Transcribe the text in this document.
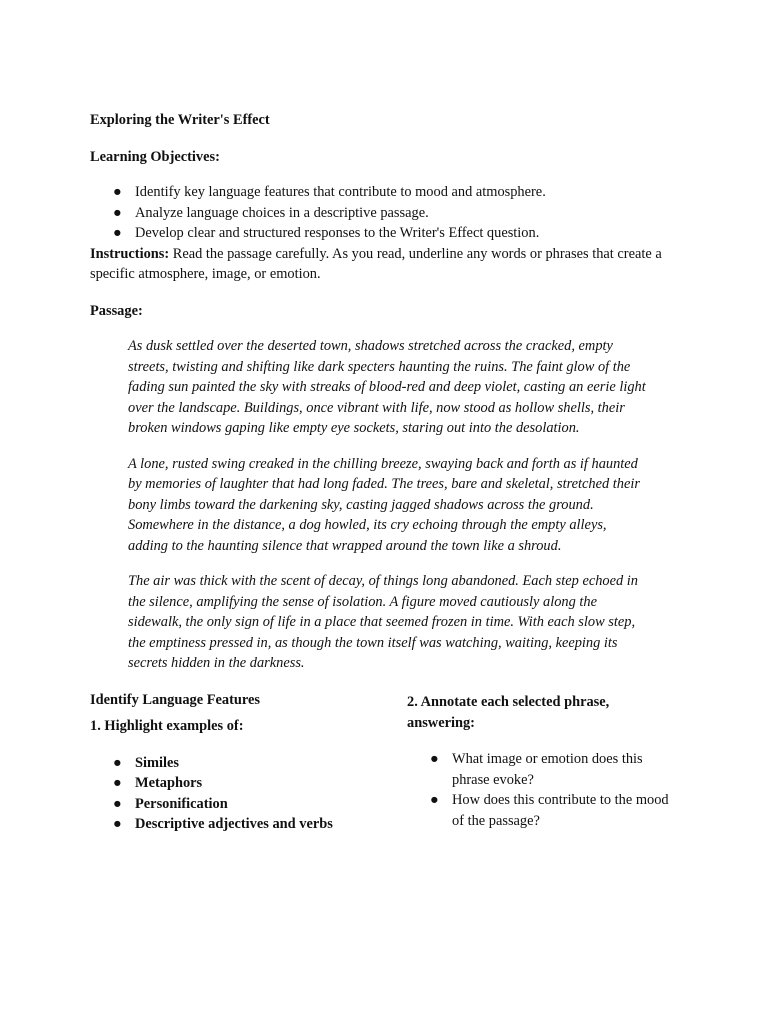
Exploring the Writer's Effect
Learning Objectives:
● Identify key language features that contribute to mood and atmosphere.
● Analyze language choices in a descriptive passage.
● Develop clear and structured responses to the Writer's Effect question.

Instructions: Read the passage carefully. As you read, underline any words or phrases that create a specific atmosphere, image, or emotion.

Passage:

As dusk settled over the deserted town, shadows stretched across the cracked, empty streets, twisting and shifting like dark specters haunting the ruins. The faint glow of the fading sun painted the sky with streaks of blood-red and deep violet, casting an eerie light over the landscape. Buildings, once vibrant with life, now stood as hollow shells, their broken windows gaping like empty eye sockets, staring out into the desolation.

A lone, rusted swing creaked in the chilling breeze, swaying back and forth as if haunted by memories of laughter that had long faded. The trees, bare and skeletal, stretched their bony limbs toward the darkening sky, casting jagged shadows across the ground. Somewhere in the distance, a dog howled, its cry echoing through the empty alleys, adding to the haunting silence that wrapped around the town like a shroud.

The air was thick with the scent of decay, of things long abandoned. Each step echoed in the silence, amplifying the sense of isolation. A figure moved cautiously along the sidewalk, the only sign of life in a place that seemed frozen in time. With each slow step, the emptiness pressed in, as though the town itself was watching, waiting, keeping its secrets hidden in the darkness.

Identify Language Features
1. Highlight examples of:
● Similes
● Metaphors
● Personification
● Descriptive adjectives and verbs
2. Annotate each selected phrase, answering:
● What image or emotion does this phrase evoke?
● How does this contribute to the mood of the passage?
